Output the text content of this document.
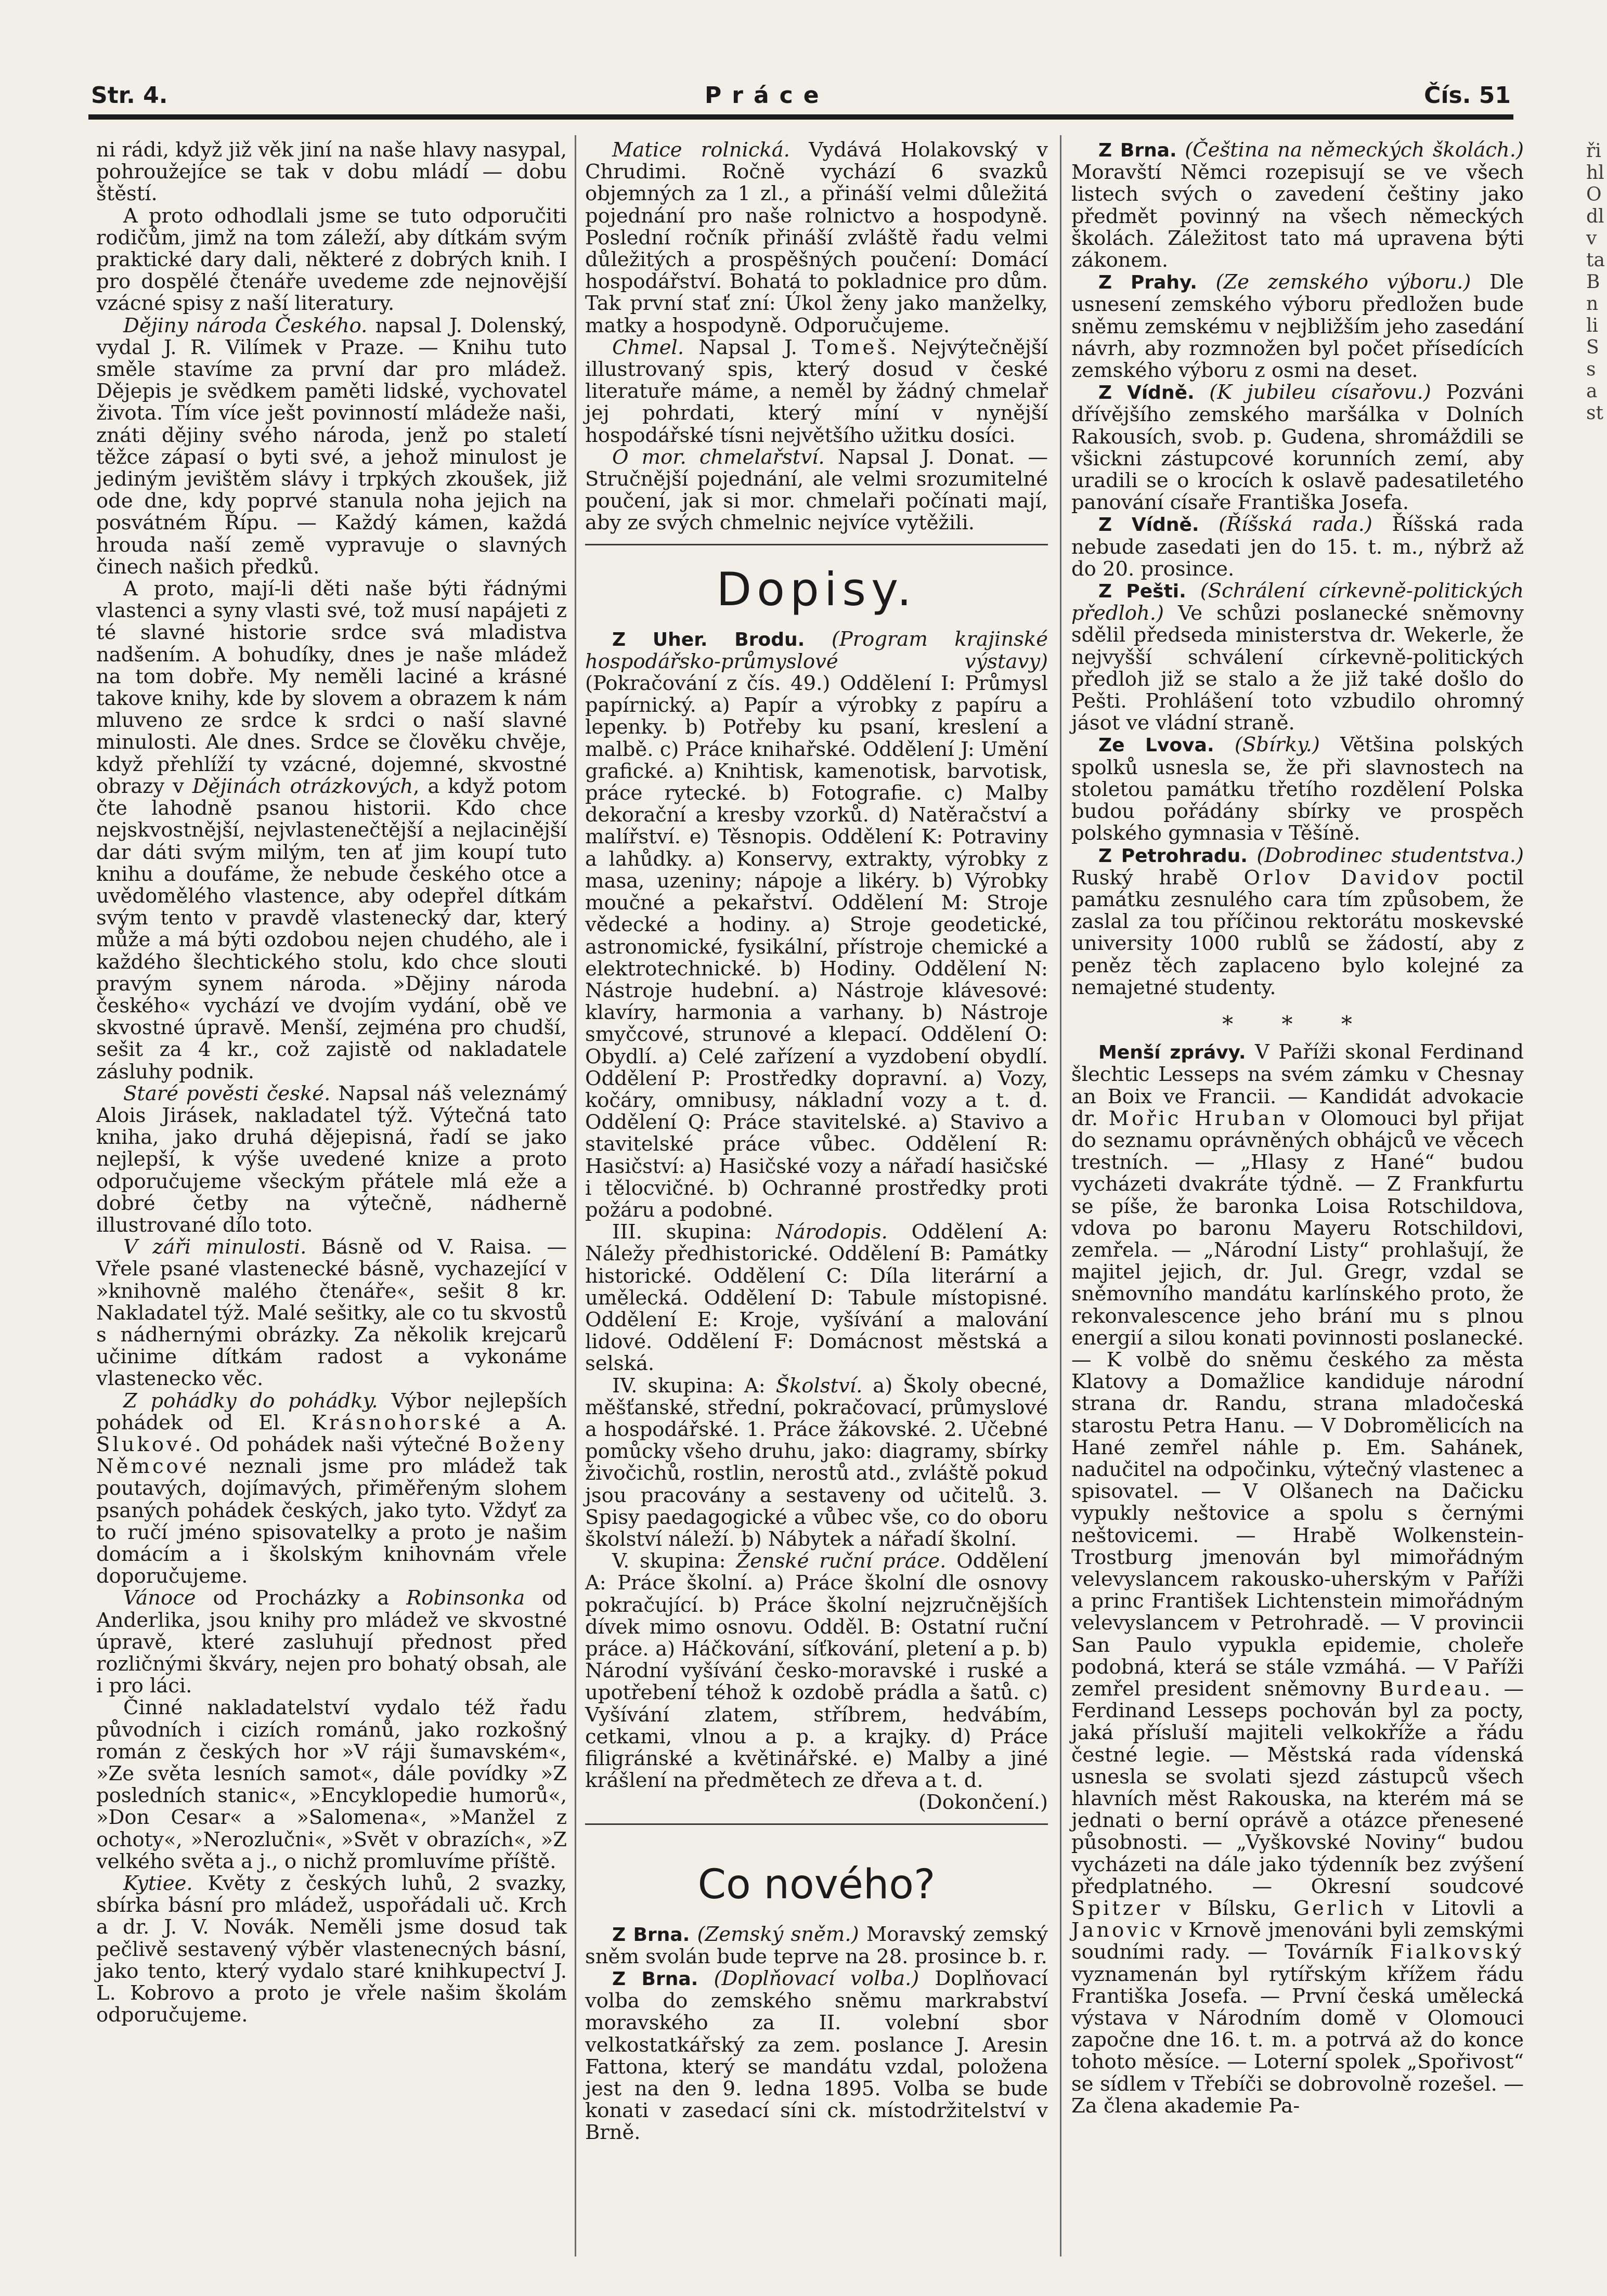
Str. 4.	Práce	Čís. 51

ni rádi, když již věk jiní na naše hlavy nasypal, pohroužejíce se tak v dobu mládí — dobu štěstí.

A proto odhodlali jsme se tuto odporučiti rodičům, jimž na tom záleží, aby dítkám svým praktické dary dali, některé z dobrých knih. I pro dospělé čtenáře uvedeme zde nejnovější vzácné spisy z naší literatury.

Dějiny národa Českého. napsal J. Dolenský, vydal J. R. Vilímek v Praze. — Knihu tuto směle stavíme za první dar pro mládež. Dějepis je svědkem paměti lidské, vychovatel života. Tím více ješt povinností mládeže naši, znáti dějiny svého národa, jenž po staletí těžce zápasí o byti své, a jehož minulost je jediným jevištěm slávy i trpkých zkoušek, již ode dne, kdy poprvé stanula noha jejich na posvátném Řípu. — Každý kámen, každá hrouda naší země vypravuje o slavných činech našich předků.

A proto, mají-li děti naše býti řádnými vlastenci a syny vlasti své, tož musí napájeti z té slavné historie srdce svá mladistva nadšením. A bohudíky, dnes je naše mládež na tom dobře. My neměli laciné a krásné takove knihy, kde by slovem a obrazem k nám mluveno ze srdce k srdci o naší slavné minulosti. Ale dnes. Srdce se člověku chvěje, když přehlíží ty vzácné, dojemné, skvostné obrazy v Dějinách otrázkových, a když potom čte lahodně psanou historii. Kdo chce nejskvostnější, nejvlastenečtější a nejlacinější dar dáti svým milým, ten ať jim koupí tuto knihu a doufáme, že nebude českého otce a uvědomělého vlastence, aby odepřel dítkám svým tento v pravdě vlastenecký dar, který může a má býti ozdobou nejen chudého, ale i každého šlechtického stolu, kdo chce slouti pravým synem národa. »Dějiny národa českého« vychází ve dvojím vydání, obě ve skvostné úpravě. Menší, zejména pro chudší, sešit za 4 kr., což zajistě od nakladatele zásluhy podnik.

Staré pověsti české. Napsal náš veleznámý Alois Jirásek, nakladatel týž. Výtečná tato kniha, jako druhá dějepisná, řadí se jako nejlepší, k výše uvedené knize a proto odporučujeme všeckým přátele mlá eže a dobré četby na výtečně, nádherně illustrované dílo toto.

V záři minulosti. Básně od V. Raisa. — Vřele psané vlastenecké básně, vychazející v »knihovně malého čtenáře«, sešit 8 kr. Nakladatel týž. Malé sešitky, ale co tu skvostů s nádhernými obrázky. Za několik krejcarů učinime dítkám radost a vykonáme vlastenecko věc.

Z pohádky do pohádky. Výbor nejlepších pohádek od El. Krásnohorské a A. Slukové. Od pohádek naši výtečné Boženy Němcové neznali jsme pro mládež tak poutavých, dojímavých, přiměřeným slohem psaných pohádek českých, jako tyto. Vždyť za to ručí jméno spisovatelky a proto je našim domácím a i školským knihovnám vřele doporučujeme.

Vánoce od Procházky a Robinsonka od Anderlika, jsou knihy pro mládež ve skvostné úpravě, které zasluhují přednost před rozličnými škváry, nejen pro bohatý obsah, ale i pro láci.

Činné nakladatelství vydalo též řadu původních i cizích románů, jako rozkošný román z českých hor »V ráji šumavském«, »Ze světa lesních samot«, dále povídky »Z posledních stanic«, »Encyklopedie humorů«, »Don Cesar« a »Salomena«, »Manžel z ochoty«, »Nerozlučni«, »Svět v obrazích«, »Z velkého světa a j., o nichž promluvíme příště.

Kytiee. Květy z českých luhů, 2 svazky, sbírka básní pro mládež, uspořádali uč. Krch a dr. J. V. Novák. Neměli jsme dosud tak pečlivě sestavený výběr vlastenecných básní, jako tento, který vydalo staré knihkupectví J. L. Kobrovo a proto je vřele našim školám odporučujeme.

Matice rolnická. Vydává Holakovský v Chrudimi. Ročně vychází 6 svazků objemných za 1 zl., a přináší velmi důležitá pojednání pro naše rolnictvo a hospodyně. Poslední ročník přináší zvláště řadu velmi důležitých a prospěšných poučení: Domácí hospodářství. Bohatá to pokladnice pro dům. Tak první stať zní: Úkol ženy jako manželky, matky a hospodyně. Odporučujeme.

Chmel. Napsal J. Tomeš. Nejvýtečnější illustrovaný spis, který dosud v české literatuře máme, a neměl by žádný chmelař jej pohrdati, který míní v nynější hospodářské tísni největšího užitku dosíci.

O mor. chmelařství. Napsal J. Donat. — Stručnější pojednání, ale velmi srozumitelné poučení, jak si mor. chmelaři počínati mají, aby ze svých chmelnic nejvíce vytěžili.

Dopisy.

Z Uher. Brodu. (Program krajinské hospodářsko-průmyslové výstavy) (Pokračování z čís. 49.) Oddělení I: Průmysl papírnický. a) Papír a výrobky z papíru a lepenky. b) Potřeby ku psaní, kreslení a malbě. c) Práce knihařské. Oddělení J: Umění grafické. a) Knihtisk, kamenotisk, barvotisk, práce rytecké. b) Fotografie. c) Malby dekorační a kresby vzorků. d) Natěračství a malířství. e) Těsnopis. Oddělení K: Potraviny a lahůdky. a) Konservy, extrakty, výrobky z masa, uzeniny; nápoje a likéry. b) Výrobky moučné a pekařství. Oddělení M: Stroje vědecké a hodiny. a) Stroje geodetické, astronomické, fysikální, přístroje chemické a elektrotechnické. b) Hodiny. Oddělení N: Nástroje hudební. a) Nástroje klávesové: klavíry, harmonia a varhany. b) Nástroje smyčcové, strunové a klepací. Oddělení O: Obydlí. a) Celé zařízení a vyzdobení obydlí. Oddělení P: Prostředky dopravní. a) Vozy, kočáry, omnibusy, nákladní vozy a t. d. Oddělení Q: Práce stavitelské. a) Stavivo a stavitelské práce vůbec. Oddělení R: Hasičství: a) Hasičské vozy a nářadí hasičské i tělocvičné. b) Ochranné prostředky proti požáru a podobné.

III. skupina: Národopis. Oddělení A: Náležy předhistorické. Oddělení B: Památky historické. Oddělení C: Díla literární a umělecká. Oddělení D: Tabule místopisné. Oddělení E: Kroje, vyšívání a malování lidové. Oddělení F: Domácnost městská a selská.

IV. skupina: A: Školství. a) Školy obecné, měšťanské, střední, pokračovací, průmyslové a hospodářské. 1. Práce žákovské. 2. Učebné pomůcky všeho druhu, jako: diagramy, sbírky živočichů, rostlin, nerostů atd., zvláště pokud jsou pracovány a sestaveny od učitelů. 3. Spisy paedagogické a vůbec vše, co do oboru školství náleží. b) Nábytek a nářadí školní.

V. skupina: Ženské ruční práce. Oddělení A: Práce školní. a) Práce školní dle osnovy pokračující. b) Práce školní nejzručnějších dívek mimo osnovu. Odděl. B: Ostatní ruční práce. a) Háčkování, síťkování, pletení a p. b) Národní vyšívání česko-moravské i ruské a upotřebení téhož k ozdobě prádla a šatů. c) Vyšívání zlatem, stříbrem, hedvábím, cetkami, vlnou a p. a krajky. d) Práce filigránské a květinářské. e) Malby a jiné krášlení na předmětech ze dřeva a t. d.
(Dokončení.)

Co nového?

Z Brna. (Zemský sněm.) Moravský zemský sněm svolán bude teprve na 28. prosince b. r.

Z Brna. (Doplňovací volba.) Doplňovací volba do zemského sněmu markrabství moravského za II. volební sbor velkostatkářský za zem. poslance J. Aresin Fattona, který se mandátu vzdal, položena jest na den 9. ledna 1895. Volba se bude konati v zasedací síni ck. místodržitelství v Brně.

Z Brna. (Čeština na německých školách.) Moravští Němci rozepisují se ve všech listech svých o zavedení češtiny jako předmět povinný na všech německých školách. Záležitost tato má upravena býti zákonem.

Z Prahy. (Ze zemského výboru.) Dle usnesení zemského výboru předložen bude sněmu zemskému v nejbližším jeho zasedání návrh, aby rozmnožen byl počet přísedících zemského výboru z osmi na deset.

Z Vídně. (K jubileu císařovu.) Pozváni dřívějšího zemského maršálka v Dolních Rakousích, svob. p. Gudena, shromáždili se všickni zástupcové korunních zemí, aby uradili se o krocích k oslavě padesatiletého panování císaře Františka Josefa.

Z Vídně. (Říšská rada.) Říšská rada nebude zasedati jen do 15. t. m., nýbrž až do 20. prosince.

Z Pešti. (Schrálení církevně-politických předloh.) Ve schůzi poslanecké sněmovny sdělil předseda ministerstva dr. Wekerle, že nejvyšší schválení církevně-politických předloh již se stalo a že již také došlo do Pešti. Prohlášení toto vzbudilo ohromný jásot ve vládní straně.

Ze Lvova. (Sbírky.) Většina polských spolků usnesla se, že při slavnostech na stoletou památku třetího rozdělení Polska budou pořádány sbírky ve prospěch polského gymnasia v Těšíně.

Z Petrohradu. (Dobrodinec studentstva.) Ruský hrabě Orlov Davidov poctil památku zesnulého cara tím způsobem, že zaslal za tou příčinou rektorátu moskevské university 1000 rublů se žádostí, aby z peněz těch zaplaceno bylo kolejné za nemajetné studenty.

* * *

Menší zprávy. V Paříži skonal Ferdinand šlechtic Lesseps na svém zámku v Chesnay an Boix ve Francii. — Kandidát advokacie dr. Mořic Hruban v Olomouci byl přijat do seznamu oprávněných obhájců ve věcech trestních. — „Hlasy z Hané“ budou vycházeti dvakráte týdně. — Z Frankfurtu se píše, že baronka Loisa Rotschildova, vdova po baronu Mayeru Rotschildovi, zemřela. — „Národní Listy“ prohlašují, že majitel jejich, dr. Jul. Gregr, vzdal se sněmovního mandátu karlínského proto, že rekonvalescence jeho brání mu s plnou energií a silou konati povinnosti poslanecké. — K volbě do sněmu českého za města Klatovy a Domažlice kandiduje národní strana dr. Randu, strana mladočeská starostu Petra Hanu. — V Dobromělicích na Hané zemřel náhle p. Em. Sahánek, nadučitel na odpočinku, výtečný vlastenec a spisovatel. — V Olšanech na Dačicku vypukly neštovice a spolu s černými neštovicemi. — Hrabě Wolkenstein-Trostburg jmenován byl mimořádným velevyslancem rakousko-uherským v Paříži a princ František Lichtenstein mimořádným velevyslancem v Petrohradě. — V provincii San Paulo vypukla epidemie, choleře podobná, která se stále vzmáhá. — V Paříži zemřel president sněmovny Burdeau. — Ferdinand Lesseps pochován byl za pocty, jaká přísluší majiteli velkokříže a řádu čestné legie. — Městská rada vídenská usnesla se svolati sjezd zástupců všech hlavních měst Rakouska, na kterém má se jednati o berní oprávě a otázce přenesené působnosti. — „Vyškovské Noviny“ budou vycházeti na dále jako týdenník bez zvýšení předplatného. — Okresní soudcové Spitzer v Bílsku, Gerlich v Litovli a Janovic v Krnově jmenováni byli zemskými soudními rady. — Továrník Fialkovský vyznamenán byl rytířským křížem řádu Františka Josefa. — První česká umělecká výstava v Národním domě v Olomouci započne dne 16. t. m. a potrvá až do konce tohoto měsíce. — Loterní spolek „Spořivost“ se sídlem v Třebíči se dobrovolně rozešel. — Za člena akademie Pa-

ři
hl
O
dl
v
ta
B
n
li
S
s
a
st
